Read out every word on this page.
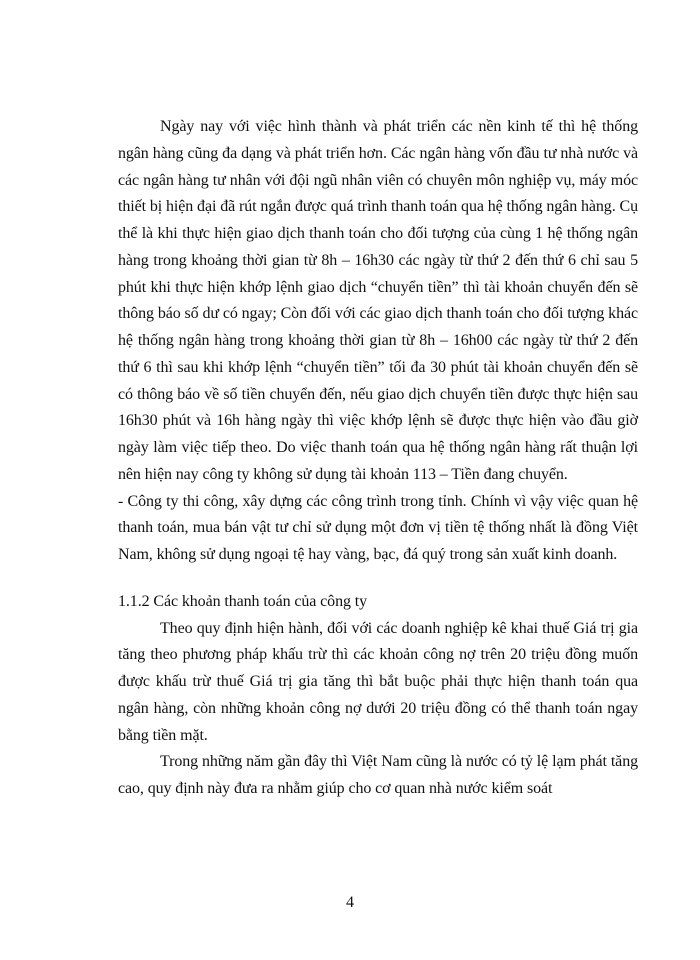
Ngày nay với việc hình thành và phát triển các nền kinh tế thì hệ thống ngân hàng cũng đa dạng và phát triển hơn. Các ngân hàng vốn đầu tư nhà nước và các ngân hàng tư nhân với đội ngũ nhân viên có chuyên môn nghiệp vụ, máy móc thiết bị hiện đại đã rút ngắn được quá trình thanh toán qua hệ thống ngân hàng. Cụ thể là khi thực hiện giao dịch thanh toán cho đối tượng của cùng 1 hệ thống ngân hàng trong khoảng thời gian từ 8h – 16h30 các ngày từ thứ 2 đến thứ 6 chỉ sau 5 phút khi thực hiện khớp lệnh giao dịch “chuyển tiền” thì tài khoản chuyển đến sẽ thông báo số dư có ngay; Còn đối với các giao dịch thanh toán cho đối tượng khác hệ thống ngân hàng trong khoảng thời gian từ 8h – 16h00 các ngày từ thứ 2 đến thứ 6 thì sau khi khớp lệnh “chuyển tiền” tối đa 30 phút tài khoản chuyển đến sẽ có thông báo về số tiền chuyển đến, nếu giao dịch chuyển tiền được thực hiện sau 16h30 phút và 16h hàng ngày thì việc khớp lệnh sẽ được thực hiện vào đầu giờ ngày làm việc tiếp theo. Do việc thanh toán qua hệ thống ngân hàng rất thuận lợi nên hiện nay công ty không sử dụng tài khoản 113 – Tiền đang chuyển.

- Công ty thi công, xây dựng các công trình trong tỉnh. Chính vì vậy việc quan hệ thanh toán, mua bán vật tư chỉ sử dụng một đơn vị tiền tệ thống nhất là đồng Việt Nam, không sử dụng ngoại tệ hay vàng, bạc, đá quý trong sản xuất kinh doanh.

1.1.2 Các khoản thanh toán của công ty

Theo quy định hiện hành, đối với các doanh nghiệp kê khai thuế Giá trị gia tăng theo phương pháp khấu trừ thì các khoản công nợ trên 20 triệu đồng muốn được khấu trừ thuế Giá trị gia tăng thì bắt buộc phải thực hiện thanh toán qua ngân hàng, còn những khoản công nợ dưới 20 triệu đồng có thể thanh toán ngay bằng tiền mặt.

Trong những năm gần đây thì Việt Nam cũng là nước có tỷ lệ lạm phát tăng cao, quy định này đưa ra nhằm giúp cho cơ quan nhà nước kiểm soát

4
